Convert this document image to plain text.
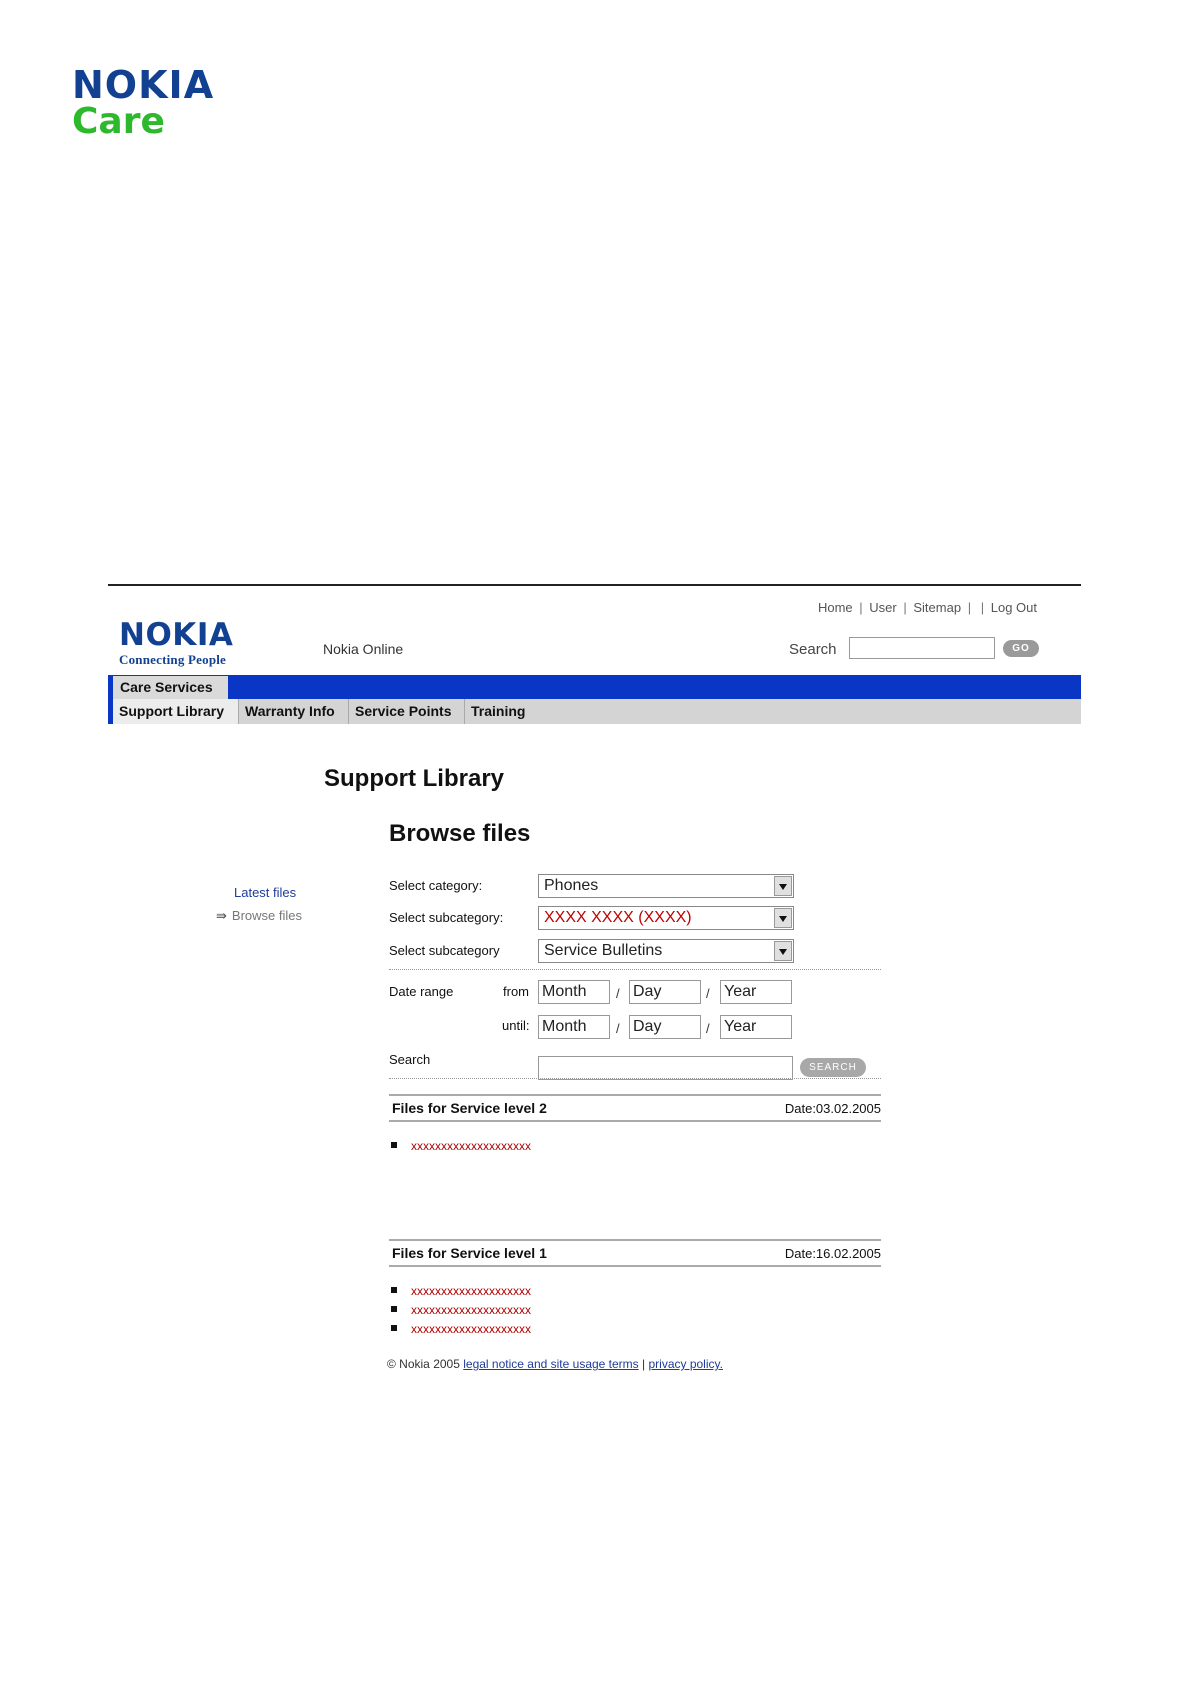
NOKIA
Care
Home | User | Sitemap | | Log Out
NOKIA
Connecting People
Nokia Online	Search	GO
Care Services
Support Library	Warranty Info	Service Points	Training
Support Library
Browse files
Latest files
⇛ Browse files
Select category:	Phones
Select subcategory:	XXXX XXXX (XXXX)
Select subcategory	Service Bulletins
Date range	from Month	/ Day	/ Year
until: Month	/ Day	/ Year
Search
SEARCH
Files for Service level 2	Date:03.02.2005
xxxxxxxxxxxxxxxxxxxx
Files for Service level 1	Date:16.02.2005
xxxxxxxxxxxxxxxxxxxx
xxxxxxxxxxxxxxxxxxxx
xxxxxxxxxxxxxxxxxxxx
© Nokia 2005 legal notice and site usage terms | privacy policy.
